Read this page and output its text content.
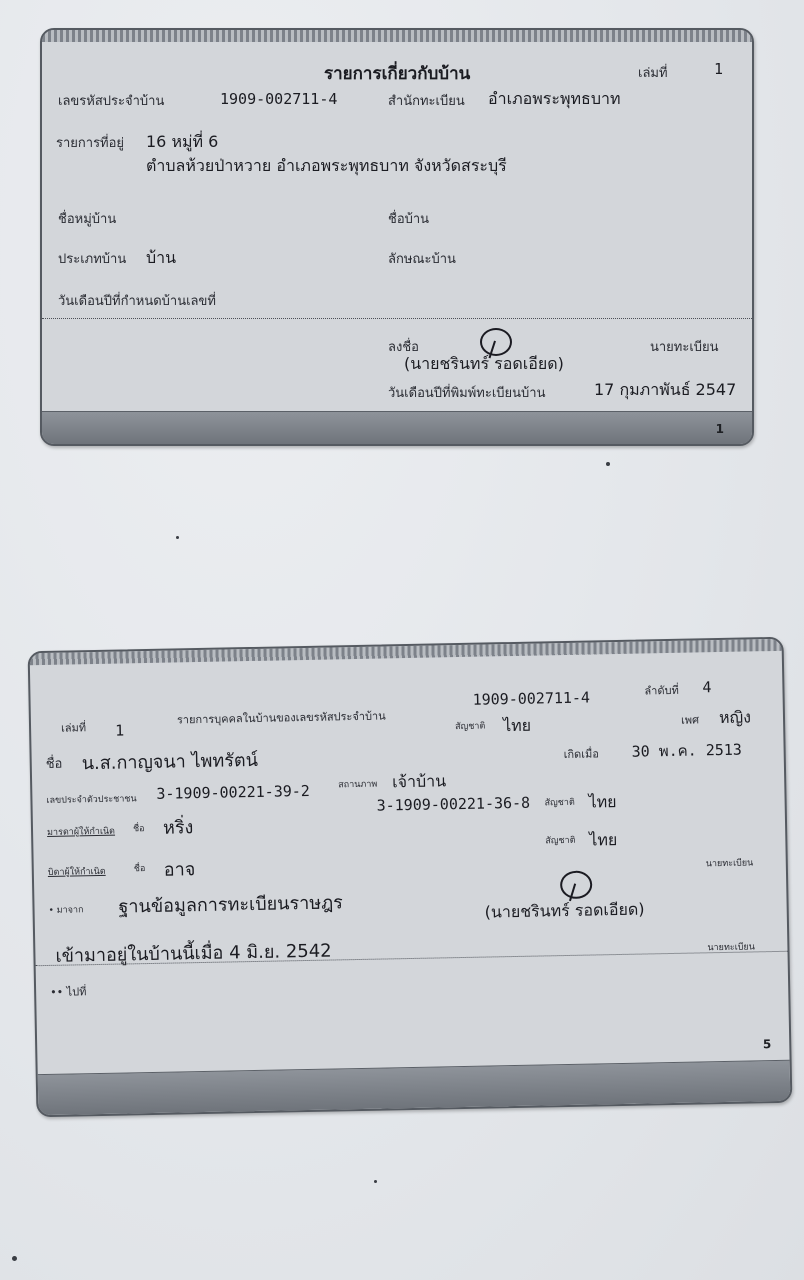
รายการเกี่ยวกับบ้าน	เล่มที่	1
เลขรหัสประจำบ้าน	1909-002711-4	สำนักทะเบียน อำเภอพระพุทธบาท
รายการที่อยู่ 16 หมู่ที่ 6
ตำบลห้วยป่าหวาย อำเภอพระพุทธบาท จังหวัดสระบุรี
ชื่อหมู่บ้าน	ชื่อบ้าน
ประเภทบ้าน บ้าน	ลักษณะบ้าน
วันเดือนปีที่กำหนดบ้านเลขที่
ลงชื่อ	นายทะเบียน
(นายชรินทร์ รอดเอียด)
วันเดือนปีที่พิมพ์ทะเบียนบ้าน	17 กุมภาพันธ์ 2547
1
เล่มที่ 1
รายการบุคคลในบ้านของเลขรหัสประจำบ้าน
1909-002711-4	ลำดับที่ 4
สัญชาติ ไทย	เพศ หญิง
ชื่อ น.ส.กาญจนา ไพทรัตน์	เกิดเมื่อ 30 พ.ค. 2513
เลขประจำตัวประชาชน 3-1909-00221-39-2	สถานภาพ เจ้าบ้าน
มารดาผู้ให้กำเนิด ชื่อ หริ่ง
3-1909-00221-36-8 สัญชาติ ไทย
สัญชาติ ไทย
บิดาผู้ให้กำเนิด	ชื่อ อาจ	นายทะเบียน
• มาจาก ฐานข้อมูลการทะเบียนราษฎร	(นายชรินทร์ รอดเอียด)
เข้ามาอยู่ในบ้านนี้เมื่อ 4 มิ.ย. 2542	นายทะเบียน
•• ไปที่
5
